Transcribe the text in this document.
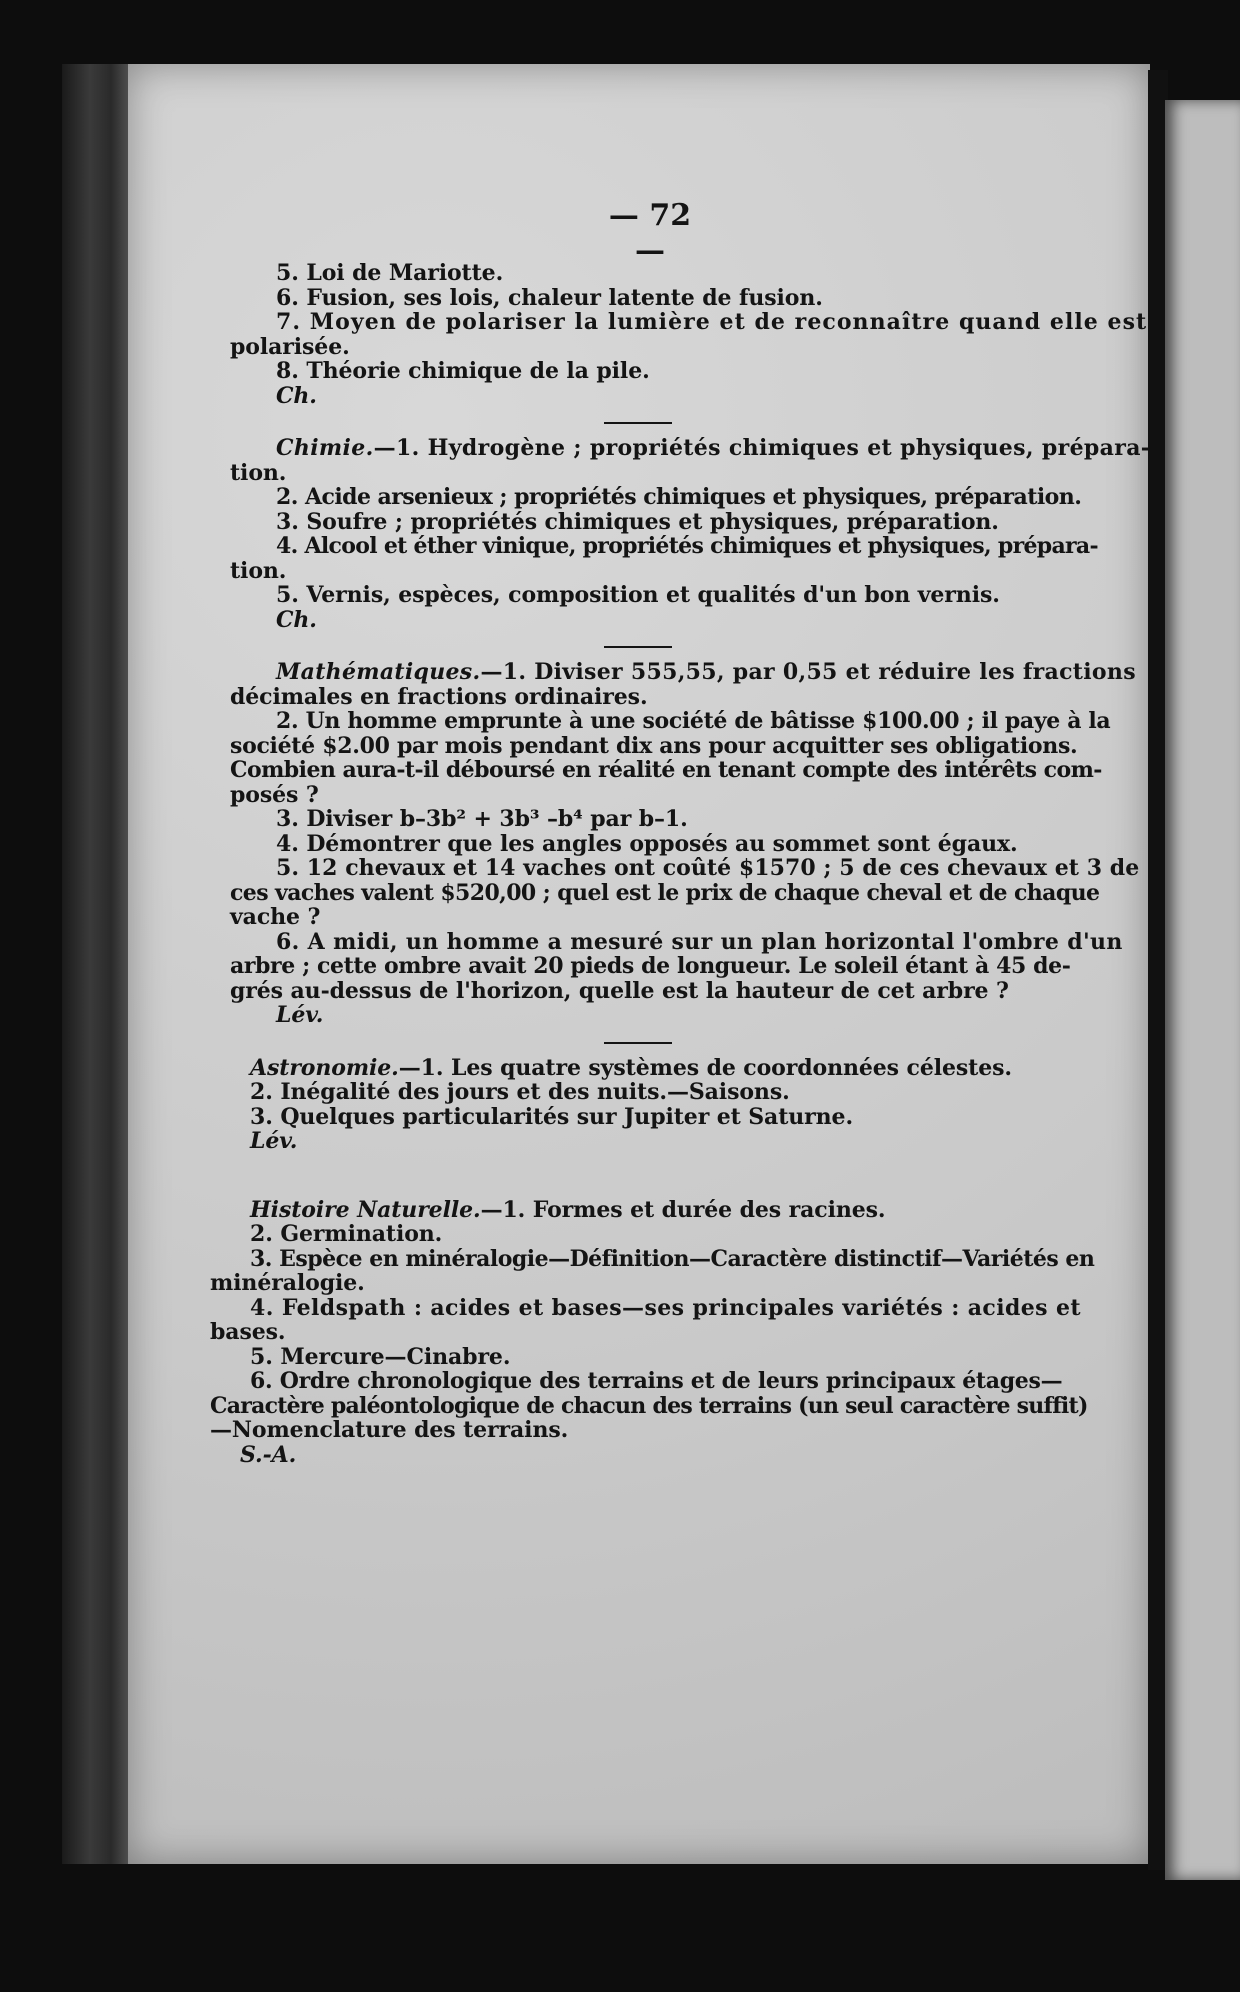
— 72 —
5. Loi de Mariotte.
6. Fusion, ses lois, chaleur latente de fusion.
7. Moyen de polariser la lumière et de reconnaître quand elle est
polarisée.
8. Théorie chimique de la pile.
Ch.
Chimie.—1. Hydrogène ; propriétés chimiques et physiques, prépara-
tion.
2. Acide arsenieux ; propriétés chimiques et physiques, préparation.
3. Soufre ; propriétés chimiques et physiques, préparation.
4. Alcool et éther vinique, propriétés chimiques et physiques, prépara-
tion.
5. Vernis, espèces, composition et qualités d'un bon vernis.
Ch.
Mathématiques.—1. Diviser 555,55, par 0,55 et réduire les fractions
décimales en fractions ordinaires.
2. Un homme emprunte à une société de bâtisse $100.00 ; il paye à la
société $2.00 par mois pendant dix ans pour acquitter ses obligations.
Combien aura-t-il déboursé en réalité en tenant compte des intérêts com-
posés ?
3. Diviser b–3b² + 3b³ –b⁴ par b–1.
4. Démontrer que les angles opposés au sommet sont égaux.
5. 12 chevaux et 14 vaches ont coûté $1570 ; 5 de ces chevaux et 3 de
ces vaches valent $520,00 ; quel est le prix de chaque cheval et de chaque
vache ?
6. A midi, un homme a mesuré sur un plan horizontal l'ombre d'un
arbre ; cette ombre avait 20 pieds de longueur. Le soleil étant à 45 de-
grés au-dessus de l'horizon, quelle est la hauteur de cet arbre ?
Lév.
Astronomie.—1. Les quatre systèmes de coordonnées célestes.
2. Inégalité des jours et des nuits.—Saisons.
3. Quelques particularités sur Jupiter et Saturne.
Lév.
Histoire Naturelle.—1. Formes et durée des racines.
2. Germination.
3. Espèce en minéralogie—Définition—Caractère distinctif—Variétés en
minéralogie.
4. Feldspath : acides et bases—ses principales variétés : acides et
bases.
5. Mercure—Cinabre.
6. Ordre chronologique des terrains et de leurs principaux étages—
Caractère paléontologique de chacun des terrains (un seul caractère suffit)
—Nomenclature des terrains.
S.-A.
